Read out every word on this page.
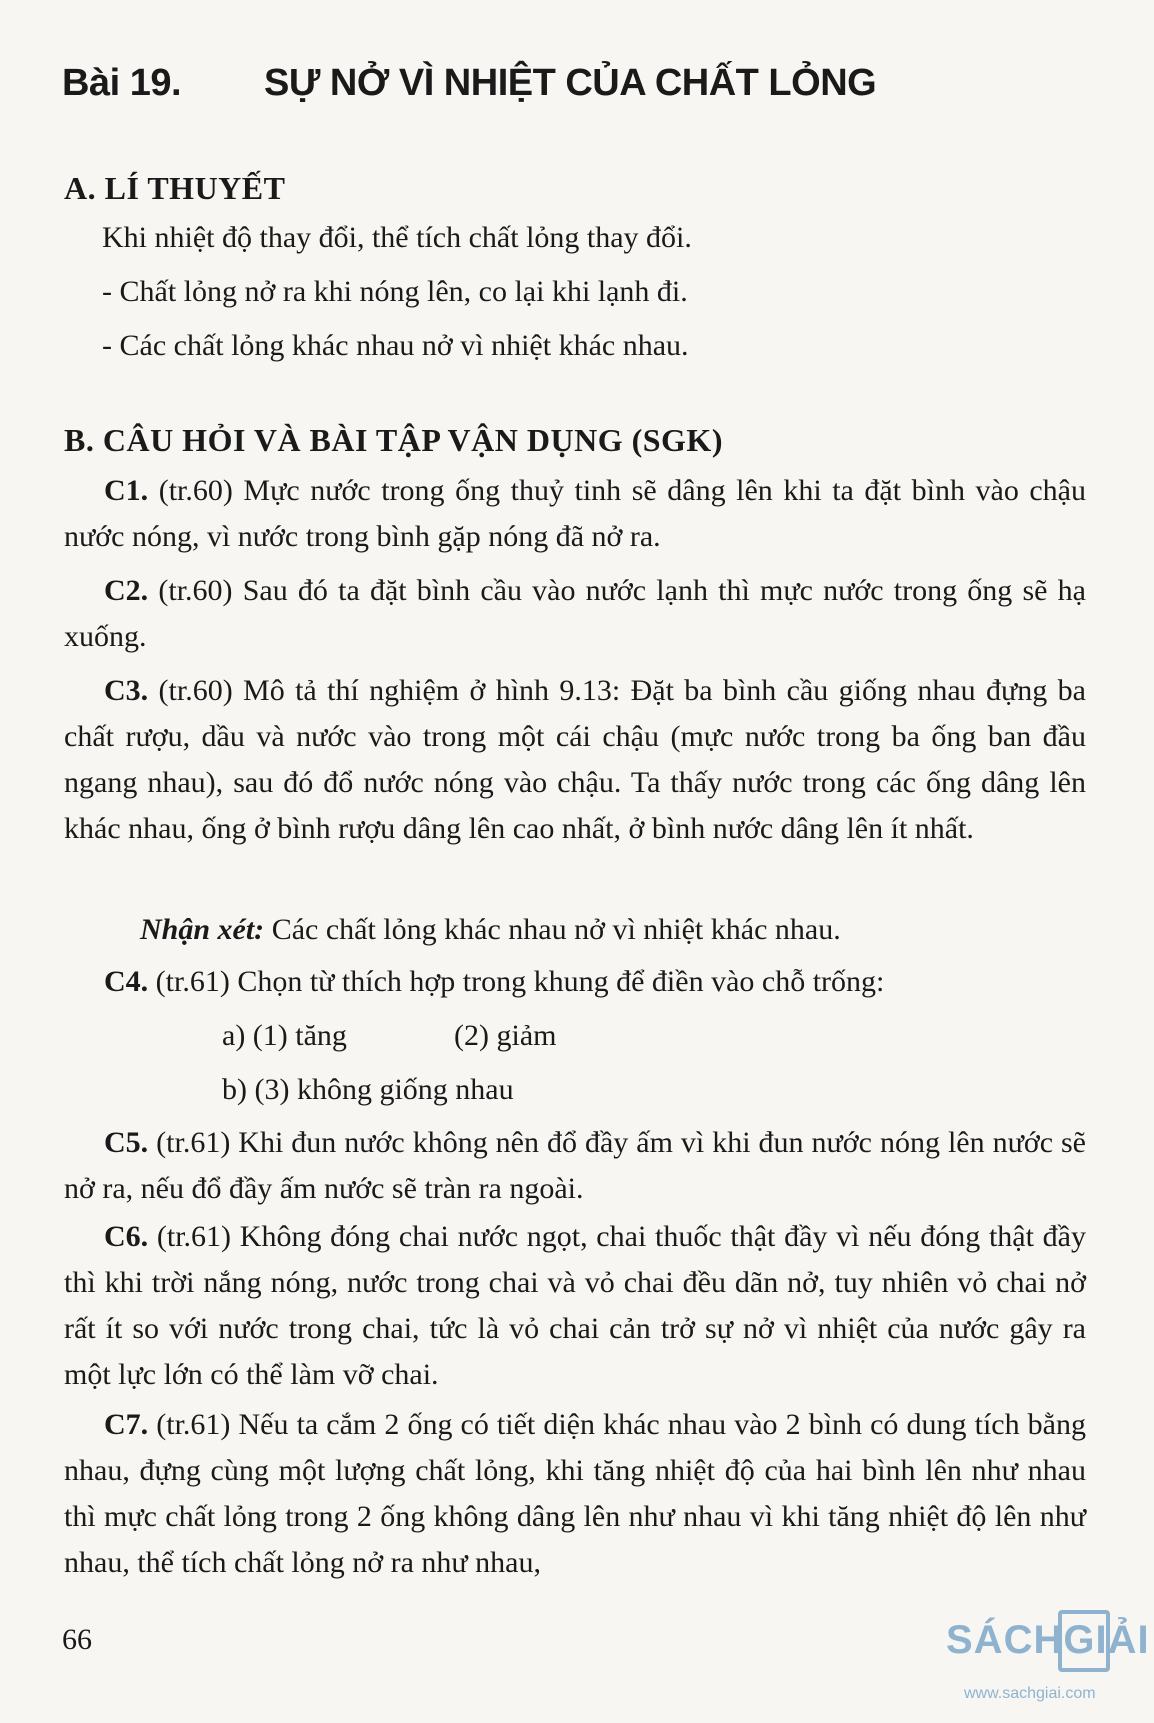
Bài 19. SỰ NỞ VÌ NHIỆT CỦA CHẤT LỎNG
A. LÍ THUYẾT
Khi nhiệt độ thay đổi, thể tích chất lỏng thay đổi.
- Chất lỏng nở ra khi nóng lên, co lại khi lạnh đi.
- Các chất lỏng khác nhau nở vì nhiệt khác nhau.
B. CÂU HỎI VÀ BÀI TẬP VẬN DỤNG (SGK)
C1. (tr.60) Mực nước trong ống thuỷ tinh sẽ dâng lên khi ta đặt bình vào chậu nước nóng, vì nước trong bình gặp nóng đã nở ra.
C2. (tr.60) Sau đó ta đặt bình cầu vào nước lạnh thì mực nước trong ống sẽ hạ xuống.
C3. (tr.60) Mô tả thí nghiệm ở hình 9.13: Đặt ba bình cầu giống nhau đựng ba chất rượu, dầu và nước vào trong một cái chậu (mực nước trong ba ống ban đầu ngang nhau), sau đó đổ nước nóng vào chậu. Ta thấy nước trong các ống dâng lên khác nhau, ống ở bình rượu dâng lên cao nhất, ở bình nước dâng lên ít nhất.
Nhận xét: Các chất lỏng khác nhau nở vì nhiệt khác nhau.
C4. (tr.61) Chọn từ thích hợp trong khung để điền vào chỗ trống:
a) (1) tăng	(2) giảm
b) (3) không giống nhau
C5. (tr.61) Khi đun nước không nên đổ đầy ấm vì khi đun nước nóng lên nước sẽ nở ra, nếu đổ đầy ấm nước sẽ tràn ra ngoài.
C6. (tr.61) Không đóng chai nước ngọt, chai thuốc thật đầy vì nếu đóng thật đầy thì khi trời nắng nóng, nước trong chai và vỏ chai đều dãn nở, tuy nhiên vỏ chai nở rất ít so với nước trong chai, tức là vỏ chai cản trở sự nở vì nhiệt của nước gây ra một lực lớn có thể làm vỡ chai.
C7. (tr.61) Nếu ta cắm 2 ống có tiết diện khác nhau vào 2 bình có dung tích bằng nhau, đựng cùng một lượng chất lỏng, khi tăng nhiệt độ của hai bình lên như nhau thì mực chất lỏng trong 2 ống không dâng lên như nhau vì khi tăng nhiệt độ lên như nhau, thể tích chất lỏng nở ra như nhau,
66	SÁCHGIẢI
www.sachgiai.com
